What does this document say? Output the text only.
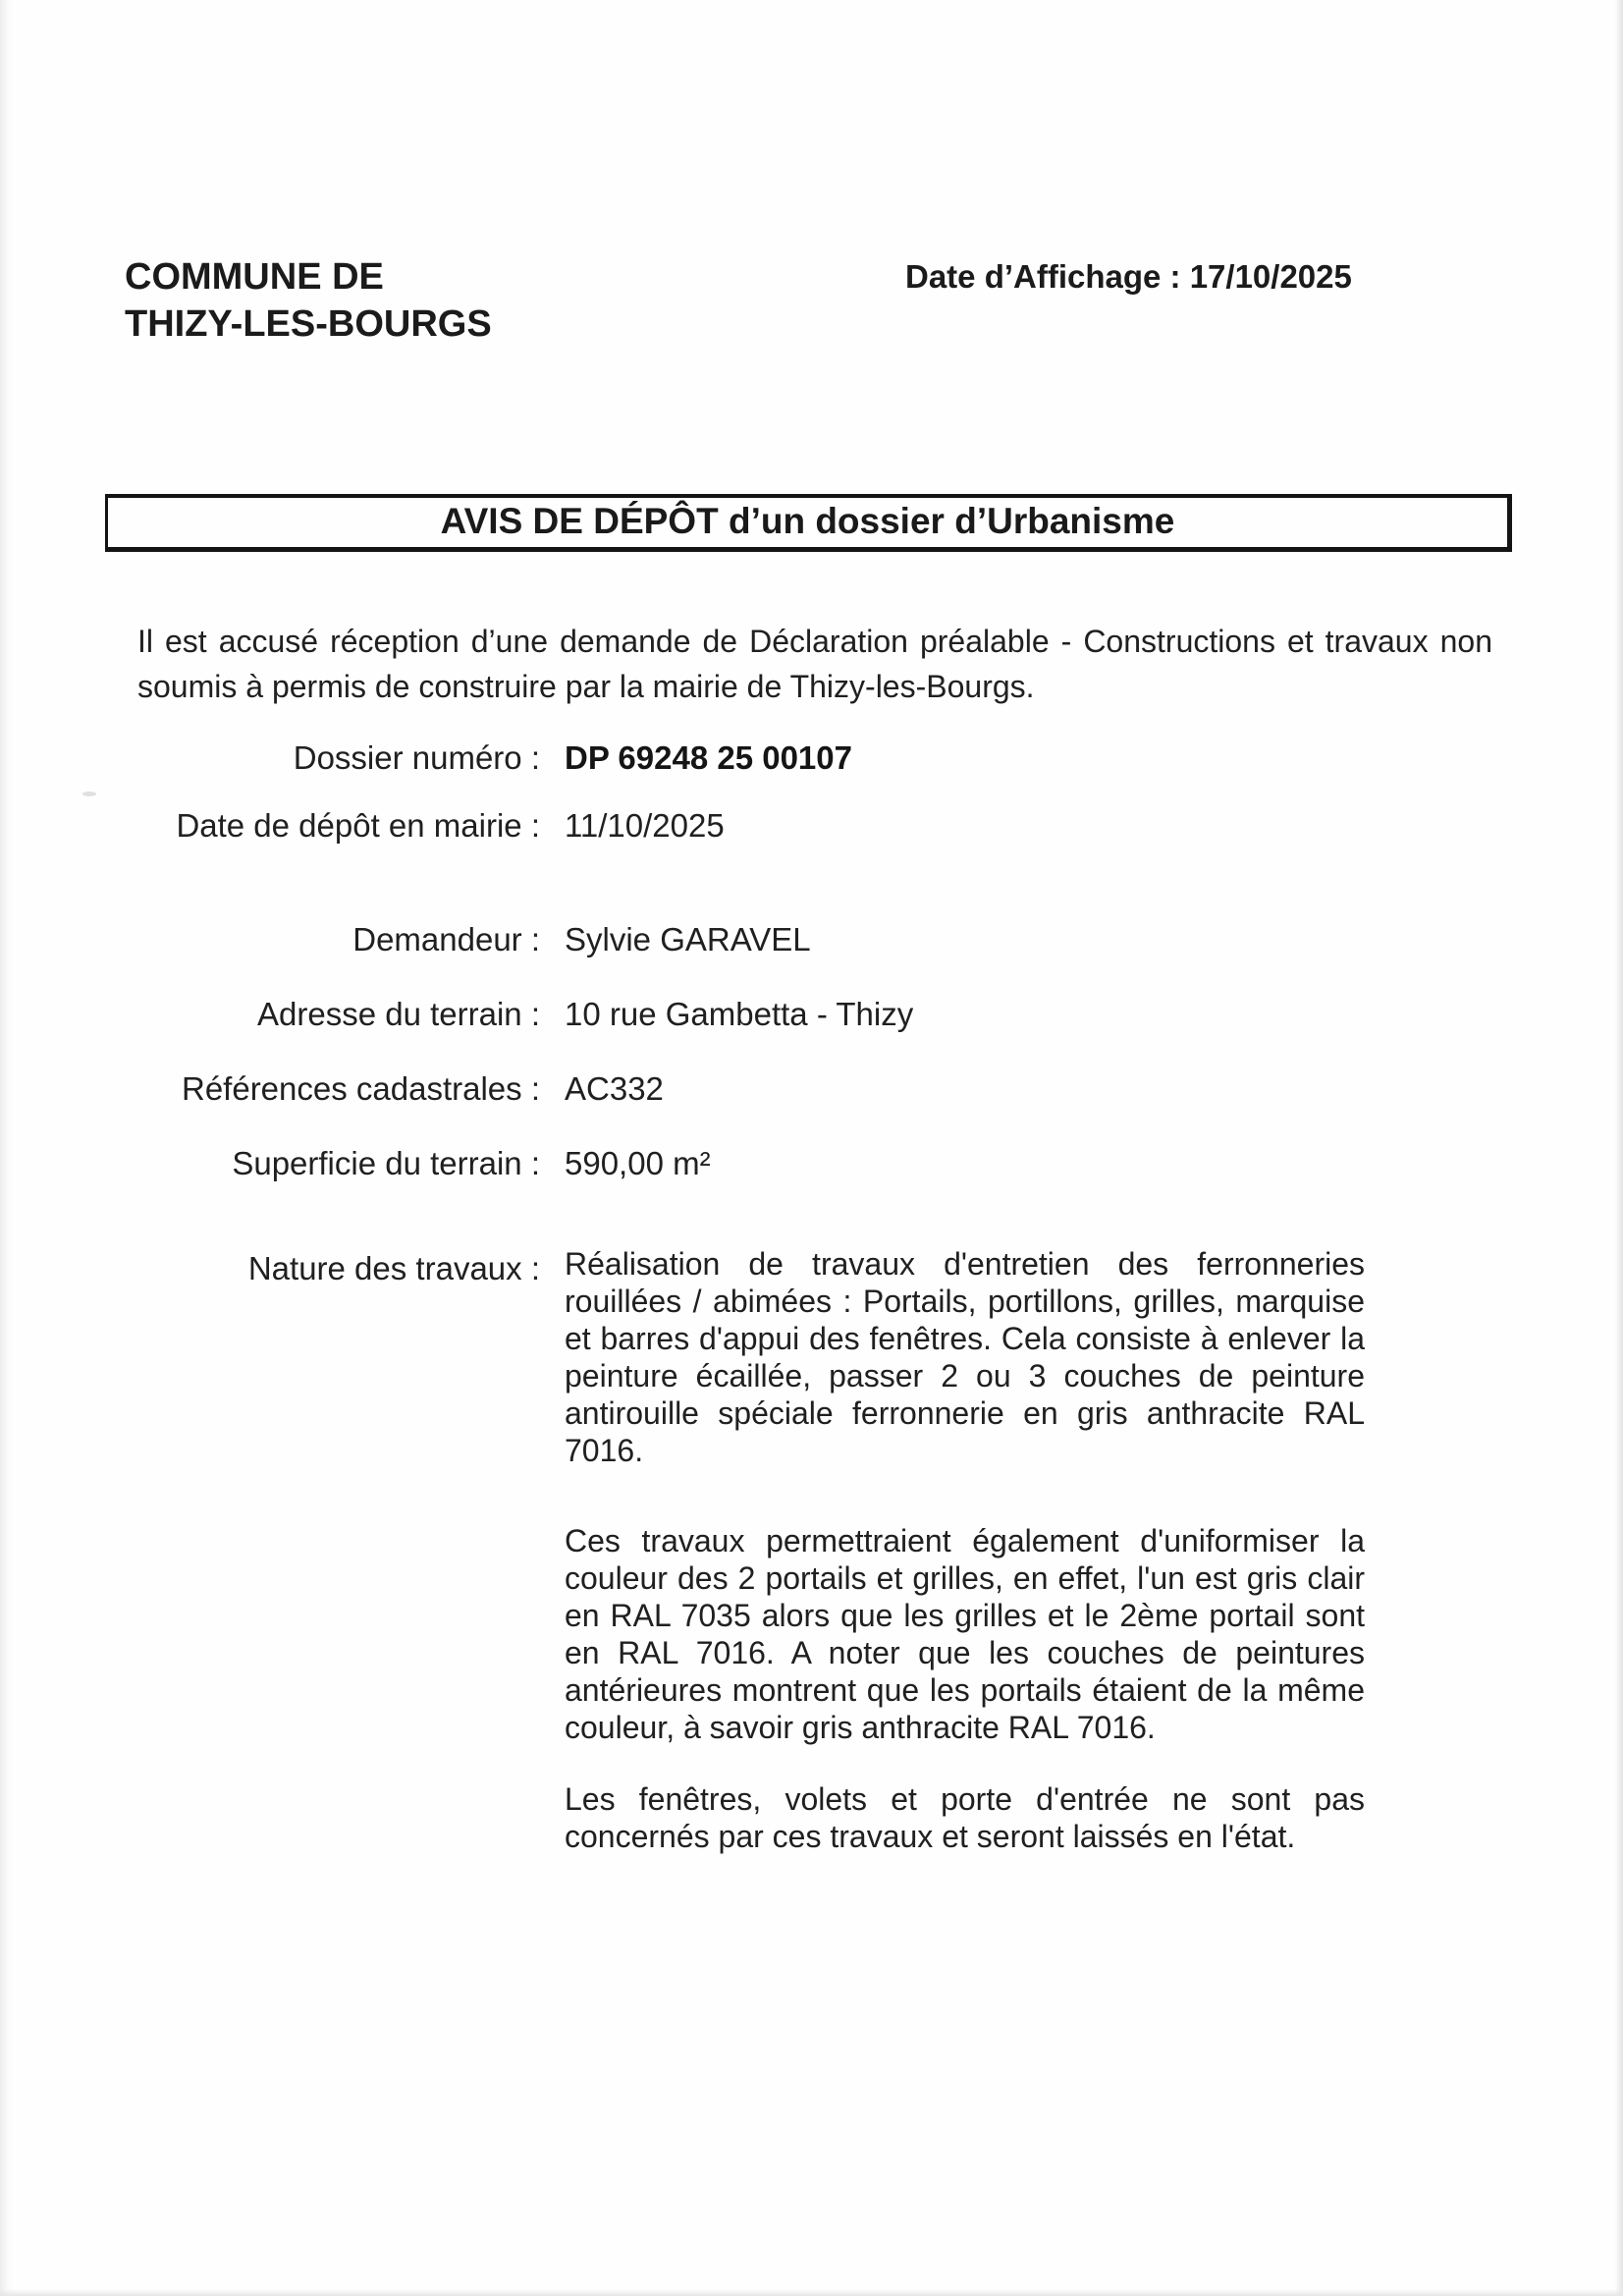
COMMUNE DE
THIZY-LES-BOURGS
Date d’Affichage : 17/10/2025
AVIS DE DÉPÔT d’un dossier d’Urbanisme
Il est accusé réception d’une demande de Déclaration préalable - Constructions et travaux non soumis à permis de construire par la mairie de Thizy-les-Bourgs.
Dossier numéro : DP 69248 25 00107
Date de dépôt en mairie : 11/10/2025
Demandeur : Sylvie GARAVEL
Adresse du terrain : 10 rue Gambetta - Thizy
Références cadastrales : AC332
Superficie du terrain : 590,00 m²
Nature des travaux : Réalisation de travaux d'entretien des ferronneries rouillées / abimées : Portails, portillons, grilles, marquise et barres d'appui des fenêtres. Cela consiste à enlever la peinture écaillée, passer 2 ou 3 couches de peinture antirouille spéciale ferronnerie en gris anthracite RAL 7016.

Ces travaux permettraient également d'uniformiser la couleur des 2 portails et grilles, en effet, l'un est gris clair en RAL 7035 alors que les grilles et le 2ème portail sont en RAL 7016. A noter que les couches de peintures antérieures montrent que les portails étaient de la même couleur, à savoir gris anthracite RAL 7016.

Les fenêtres, volets et porte d'entrée ne sont pas concernés par ces travaux et seront laissés en l'état.
